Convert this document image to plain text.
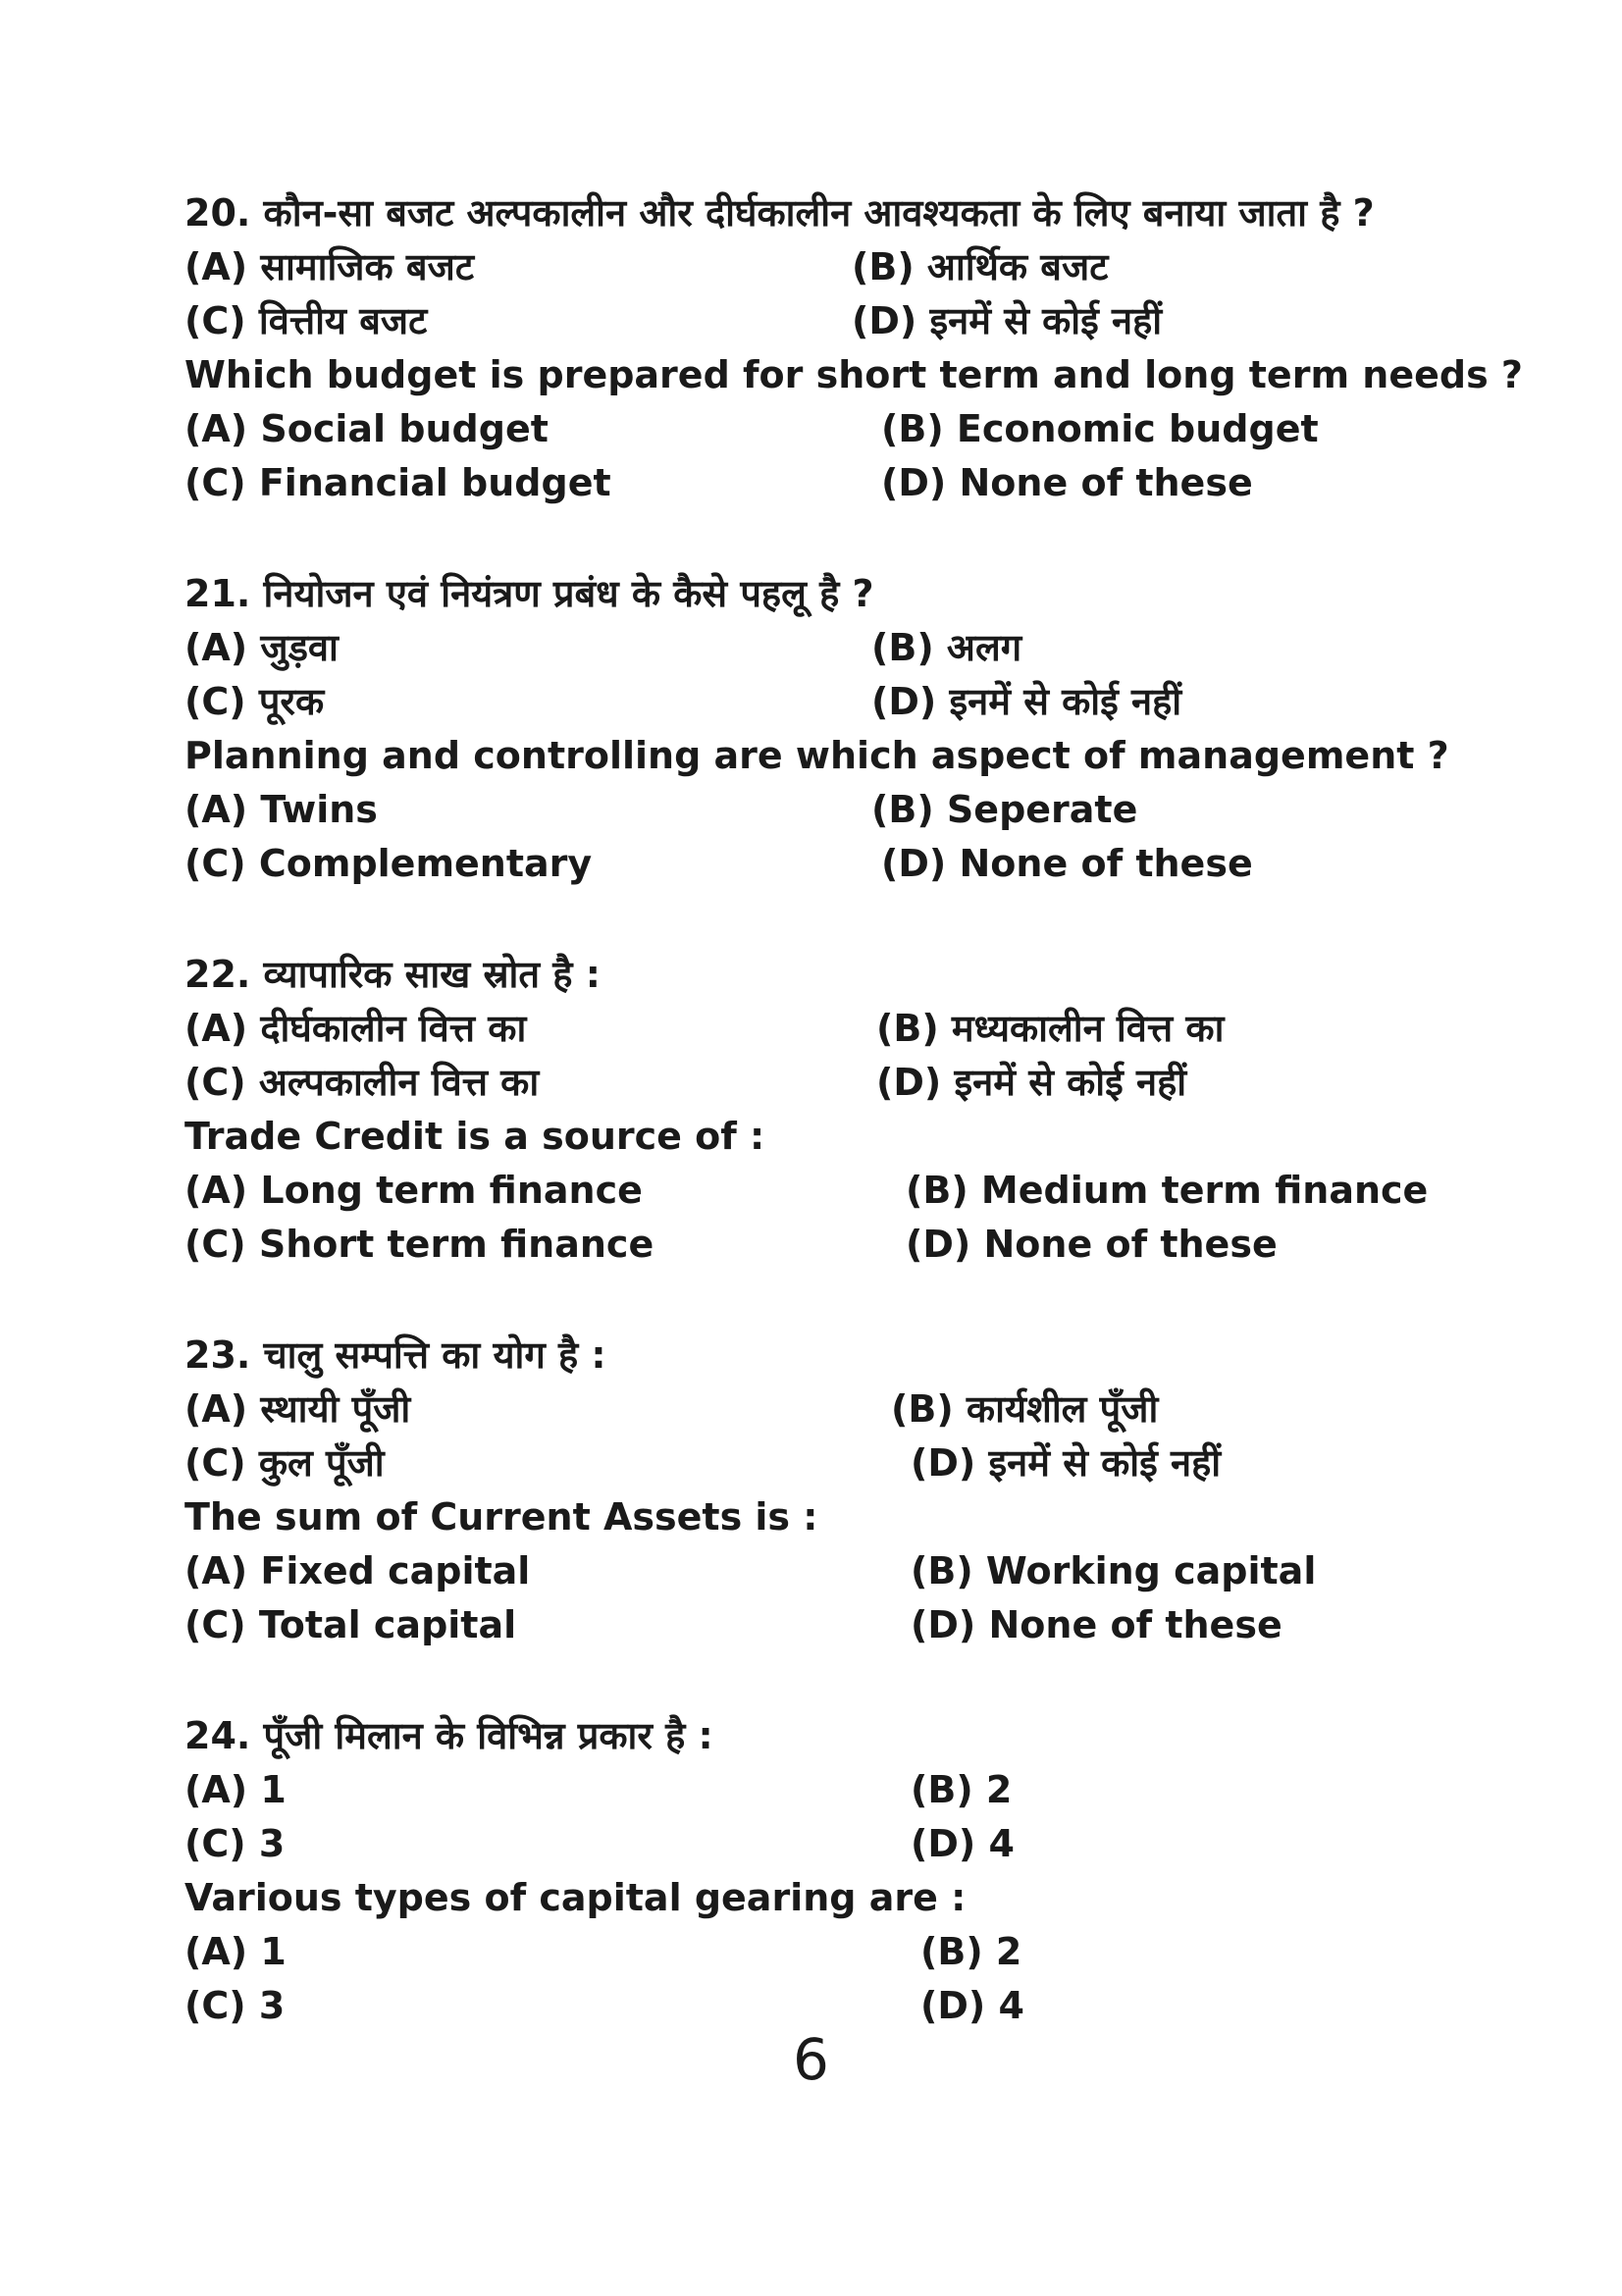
20. कौन-सा बजट अल्पकालीन और दीर्घकालीन आवश्यकता के लिए बनाया जाता है ?
(A) सामाजिक बजट	(B) आर्थिक बजट
(C) वित्तीय बजट	(D) इनमें से कोई नहीं
Which budget is prepared for short term and long term needs ?
(A) Social budget	(B) Economic budget
(C) Financial budget	(D) None of these
21. नियोजन एवं नियंत्रण प्रबंध के कैसे पहलू है ?
(A) जुड़वा	(B) अलग
(C) पूरक	(D) इनमें से कोई नहीं
Planning and controlling are which aspect of management ?
(A) Twins	(B) Seperate
(C) Complementary	(D) None of these
22. व्यापारिक साख स्रोत है :
(A) दीर्घकालीन वित्त का	(B) मध्यकालीन वित्त का
(C) अल्पकालीन वित्त का	(D) इनमें से कोई नहीं
Trade Credit is a source of :
(A) Long term finance	(B) Medium term finance
(C) Short term finance	(D) None of these
23. चालु सम्पत्ति का योग है :
(A) स्थायी पूँजी	(B) कार्यशील पूँजी
(C) कुल पूँजी	(D) इनमें से कोई नहीं
The sum of Current Assets is :
(A) Fixed capital	(B) Working capital
(C) Total capital	(D) None of these
24. पूँजी मिलान के विभिन्न प्रकार है :
(A) 1	(B) 2
(C) 3	(D) 4
Various types of capital gearing are :
(A) 1	(B) 2
(C) 3	(D) 4
6
